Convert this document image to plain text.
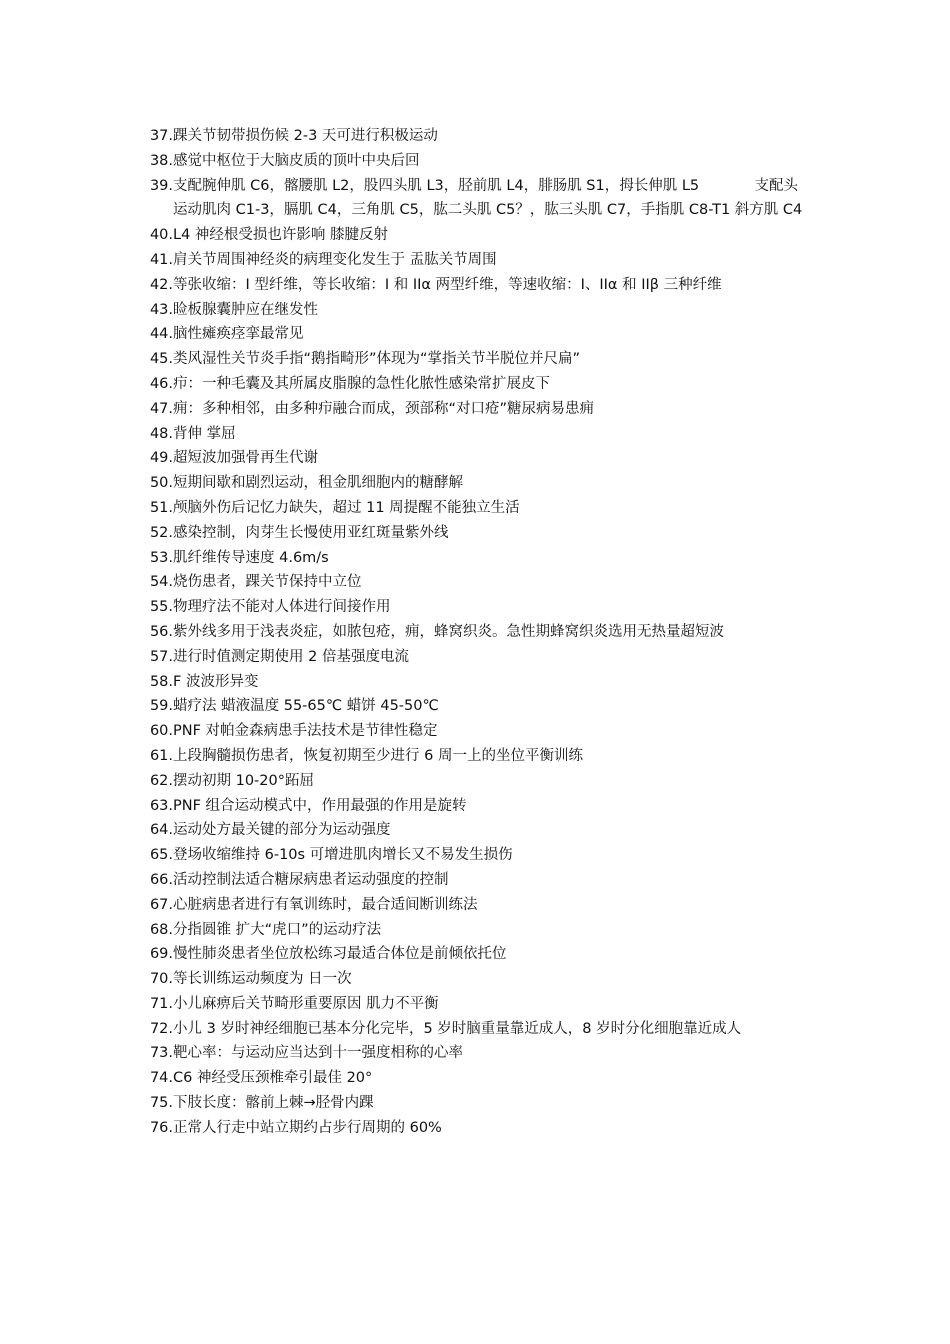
37. 踝关节韧带损伤候 2-3 天可进行积极运动
38. 感觉中枢位于大脑皮质的顶叶中央后回
39. 支配腕伸肌 C6，髂腰肌 L2，股四头肌 L3，胫前肌 L4，腓肠肌 S1，拇长伸肌 L5            支配头运动肌肉 C1-3，膈肌 C4，三角肌 C5，肱二头肌 C5？，肱三头肌 C7，手指肌 C8-T1 斜方肌 C4
40. L4 神经根受损也许影响 膝腱反射
41. 肩关节周围神经炎的病理变化发生于 盂肱关节周围
42. 等张收缩：I 型纤维，等长收缩：I 和 IIα 两型纤维，等速收缩：I、IIα 和 IIβ 三种纤维
43. 睑板腺囊肿应在继发性
44. 脑性瘫痪痉挛最常见
45. 类风湿性关节炎手指“鹅指畸形”体现为“掌指关节半脱位并尺扁”
46. 疖：一种毛囊及其所属皮脂腺的急性化脓性感染常扩展皮下
47. 痈：多种相邻，由多种疖融合而成，颈部称“对口疮”糖尿病易患痈
48. 背伸 掌屈
49. 超短波加强骨再生代谢
50. 短期间歇和剧烈运动，租金肌细胞内的糖酵解
51. 颅脑外伤后记忆力缺失，超过 11 周提醒不能独立生活
52. 感染控制，肉芽生长慢使用亚红斑量紫外线
53. 肌纤维传导速度 4.6m/s
54. 烧伤患者，踝关节保持中立位
55. 物理疗法不能对人体进行间接作用
56. 紫外线多用于浅表炎症，如脓包疮，痈，蜂窝织炎。急性期蜂窝织炎选用无热量超短波
57. 进行时值测定期使用 2 倍基强度电流
58. F 波波形异变
59. 蜡疗法 蜡液温度 55-65℃ 蜡饼 45-50℃
60. PNF 对帕金森病患手法技术是节律性稳定
61. 上段胸髓损伤患者，恢复初期至少进行 6 周一上的坐位平衡训练
62. 摆动初期 10-20°跖屈
63. PNF 组合运动模式中，作用最强的作用是旋转
64. 运动处方最关键的部分为运动强度
65. 登场收缩维持 6-10s 可增进肌肉增长又不易发生损伤
66. 活动控制法适合糖尿病患者运动强度的控制
67. 心脏病患者进行有氧训练时，最合适间断训练法
68. 分指圆锥 扩大“虎口”的运动疗法
69. 慢性肺炎患者坐位放松练习最适合体位是前倾依托位
70. 等长训练运动频度为 日一次
71. 小儿麻痹后关节畸形重要原因 肌力不平衡
72. 小儿 3 岁时神经细胞已基本分化完毕，5 岁时脑重量靠近成人，8 岁时分化细胞靠近成人
73. 靶心率：与运动应当达到十一强度相称的心率
74. C6 神经受压颈椎牵引最佳 20°
75. 下肢长度：髂前上棘→胫骨内踝
76. 正常人行走中站立期约占步行周期的 60%
